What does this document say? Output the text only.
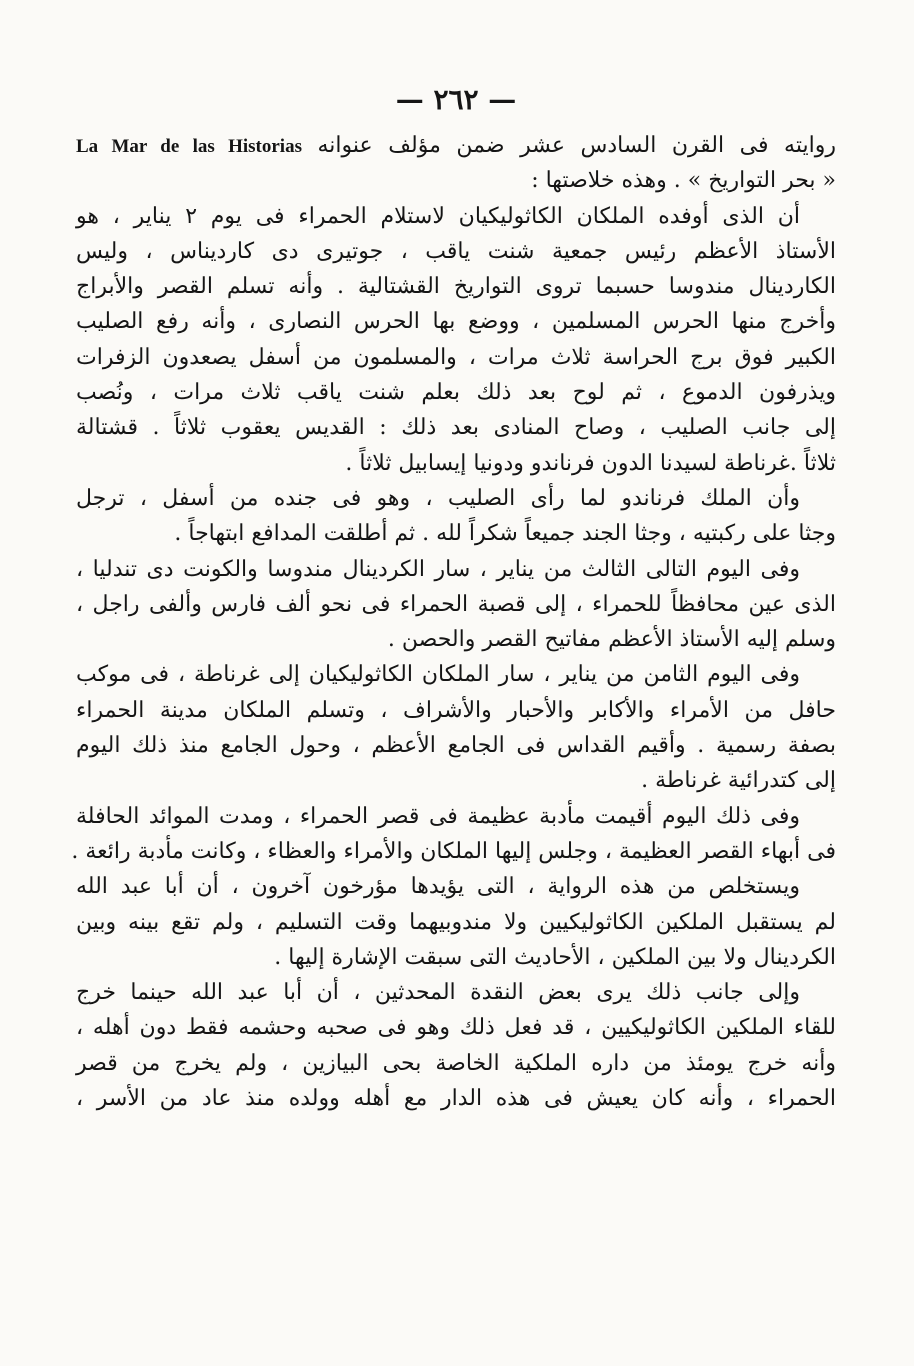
— ٢٦٢ —
روايته فى القرن السادس عشر ضمن مؤلف عنوانه La Mar de las Historias
« بحر التواريخ » . وهذه خلاصتها :
أن الذى أوفده الملكان الكاثوليكيان لاستلام الحمراء فى يوم ٢ يناير ، هو
الأستاذ الأعظم رئيس جمعية شنت ياقب ، جوتيرى دى كارديناس ، وليس
الكاردينال مندوسا حسبما تروى التواريخ القشتالية . وأنه تسلم القصر والأبراج
وأخرج منها الحرس المسلمين ، ووضع بها الحرس النصارى ، وأنه رفع الصليب
الكبير فوق برج الحراسة ثلاث مرات ، والمسلمون من أسفل يصعدون الزفرات
ويذرفون الدموع ، ثم لوح بعد ذلك بعلم شنت ياقب ثلاث مرات ، ونُصب
إلى جانب الصليب ، وصاح المنادى بعد ذلك : القديس يعقوب ثلاثاً . قشتالة
ثلاثاً .غرناطة لسيدنا الدون فرناندو ودونيا إيسابيل ثلاثاً .
وأن الملك فرناندو لما رأى الصليب ، وهو فى جنده من أسفل ، ترجل
وجثا على ركبتيه ، وجثا الجند جميعاً شكراً لله . ثم أطلقت المدافع ابتهاجاً .
وفى اليوم التالى الثالث من يناير ، سار الكردينال مندوسا والكونت دى تندليا ،
الذى عين محافظاً للحمراء ، إلى قصبة الحمراء فى نحو ألف فارس وألفى راجل ،
وسلم إليه الأستاذ الأعظم مفاتيح القصر والحصن .
وفى اليوم الثامن من يناير ، سار الملكان الكاثوليكيان إلى غرناطة ، فى موكب
حافل من الأمراء والأكابر والأحبار والأشراف ، وتسلم الملكان مدينة الحمراء
بصفة رسمية . وأقيم القداس فى الجامع الأعظم ، وحول الجامع منذ ذلك اليوم
إلى كتدرائية غرناطة .
وفى ذلك اليوم أقيمت مأدبة عظيمة فى قصر الحمراء ، ومدت الموائد الحافلة
فى أبهاء القصر العظيمة ، وجلس إليها الملكان والأمراء والعظاء ، وكانت مأدبة رائعة .
ويستخلص من هذه الرواية ، التى يؤيدها مؤرخون آخرون ، أن أبا عبد الله
لم يستقبل الملكين الكاثوليكيين ولا مندوبيهما وقت التسليم ، ولم تقع بينه وبين
الكردينال ولا بين الملكين ، الأحاديث التى سبقت الإشارة إليها .
وإلى جانب ذلك يرى بعض النقدة المحدثين ، أن أبا عبد الله حينما خرج
للقاء الملكين الكاثوليكيين ، قد فعل ذلك وهو فى صحبه وحشمه فقط دون أهله ،
وأنه خرج يومئذ من داره الملكية الخاصة بحى البيازين ، ولم يخرج من قصر
الحمراء ، وأنه كان يعيش فى هذه الدار مع أهله وولده منذ عاد من الأسر ،
